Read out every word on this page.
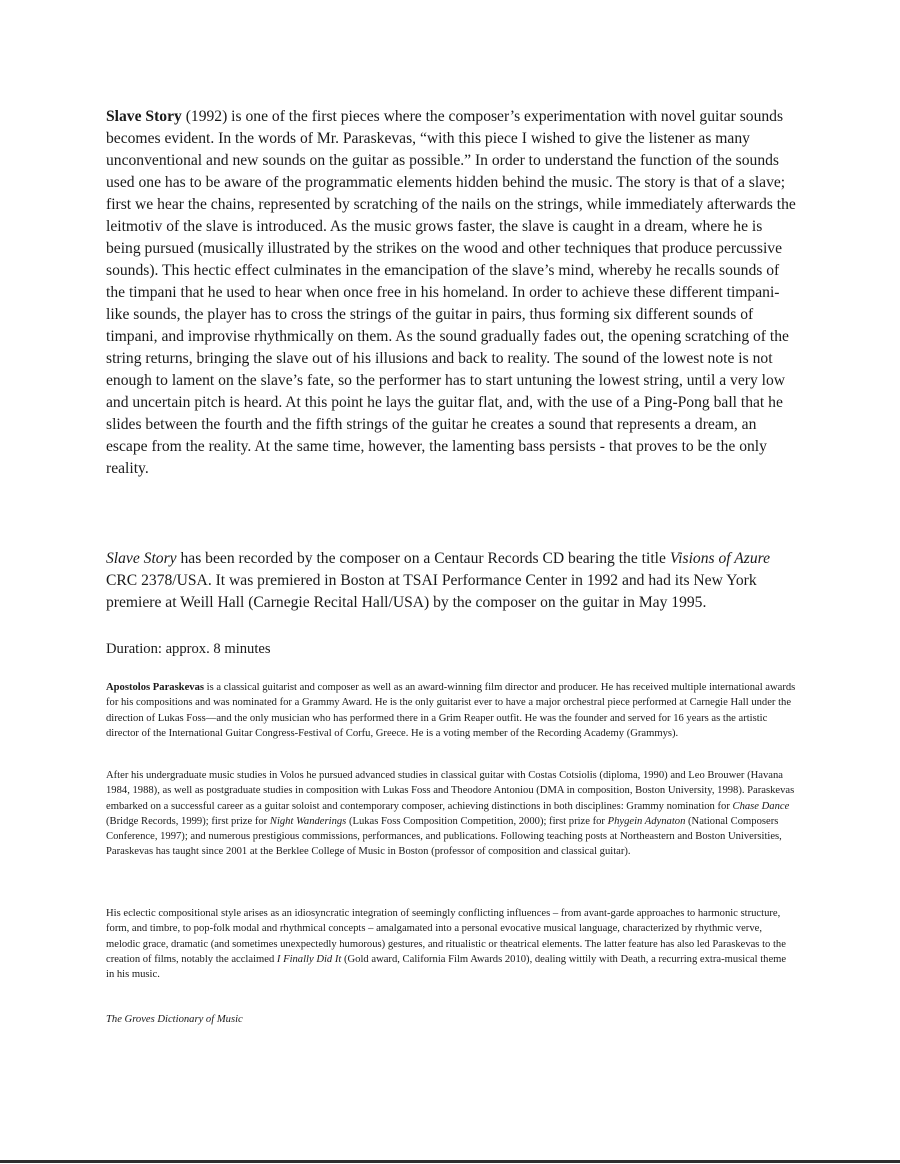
Slave Story (1992) is one of the first pieces where the composer’s experimentation with novel guitar sounds becomes evident. In the words of Mr. Paraskevas, “with this piece I wished to give the listener as many unconventional and new sounds on the guitar as possible.” In order to understand the function of the sounds used one has to be aware of the programmatic elements hidden behind the music. The story is that of a slave; first we hear the chains, represented by scratching of the nails on the strings, while immediately afterwards the leitmotiv of the slave is introduced. As the music grows faster, the slave is caught in a dream, where he is being pursued (musically illustrated by the strikes on the wood and other techniques that produce percussive sounds). This hectic effect culminates in the emancipation of the slave’s mind, whereby he recalls sounds of the timpani that he used to hear when once free in his homeland. In order to achieve these different timpani-like sounds, the player has to cross the strings of the guitar in pairs, thus forming six different sounds of timpani, and improvise rhythmically on them. As the sound gradually fades out, the opening scratching of the string returns, bringing the slave out of his illusions and back to reality. The sound of the lowest note is not enough to lament on the slave’s fate, so the performer has to start untuning the lowest string, until a very low and uncertain pitch is heard. At this point he lays the guitar flat, and, with the use of a Ping-Pong ball that he slides between the fourth and the fifth strings of the guitar he creates a sound that represents a dream, an escape from the reality. At the same time, however, the lamenting bass persists - that proves to be the only reality.

Slave Story has been recorded by the composer on a Centaur Records CD bearing the title Visions of Azure CRC 2378/USA. It was premiered in Boston at TSAI Performance Center in 1992 and had its New York premiere at Weill Hall (Carnegie Recital Hall/USA) by the composer on the guitar in May 1995.

Duration: approx. 8 minutes

Apostolos Paraskevas is a classical guitarist and composer as well as an award-winning film director and producer. He has received multiple international awards for his compositions and was nominated for a Grammy Award. He is the only guitarist ever to have a major orchestral piece performed at Carnegie Hall under the direction of Lukas Foss—and the only musician who has performed there in a Grim Reaper outfit. He was the founder and served for 16 years as the artistic director of the International Guitar Congress-Festival of Corfu, Greece. He is a voting member of the Recording Academy (Grammys).

After his undergraduate music studies in Volos he pursued advanced studies in classical guitar with Costas Cotsiolis (diploma, 1990) and Leo Brouwer (Havana 1984, 1988), as well as postgraduate studies in composition with Lukas Foss and Theodore Antoniou (DMA in composition, Boston University, 1998). Paraskevas embarked on a successful career as a guitar soloist and contemporary composer, achieving distinctions in both disciplines: Grammy nomination for Chase Dance (Bridge Records, 1999); first prize for Night Wanderings (Lukas Foss Composition Competition, 2000); first prize for Phygein Adynaton (National Composers Conference, 1997); and numerous prestigious commissions, performances, and publications. Following teaching posts at Northeastern and Boston Universities, Paraskevas has taught since 2001 at the Berklee College of Music in Boston (professor of composition and classical guitar).

His eclectic compositional style arises as an idiosyncratic integration of seemingly conflicting influences – from avant-garde approaches to harmonic structure, form, and timbre, to pop-folk modal and rhythmical concepts – amalgamated into a personal evocative musical language, characterized by rhythmic verve, melodic grace, dramatic (and sometimes unexpectedly humorous) gestures, and ritualistic or theatrical elements. The latter feature has also led Paraskevas to the creation of films, notably the acclaimed I Finally Did It (Gold award, California Film Awards 2010), dealing wittily with Death, a recurring extra-musical theme in his music.

The Groves Dictionary of Music
